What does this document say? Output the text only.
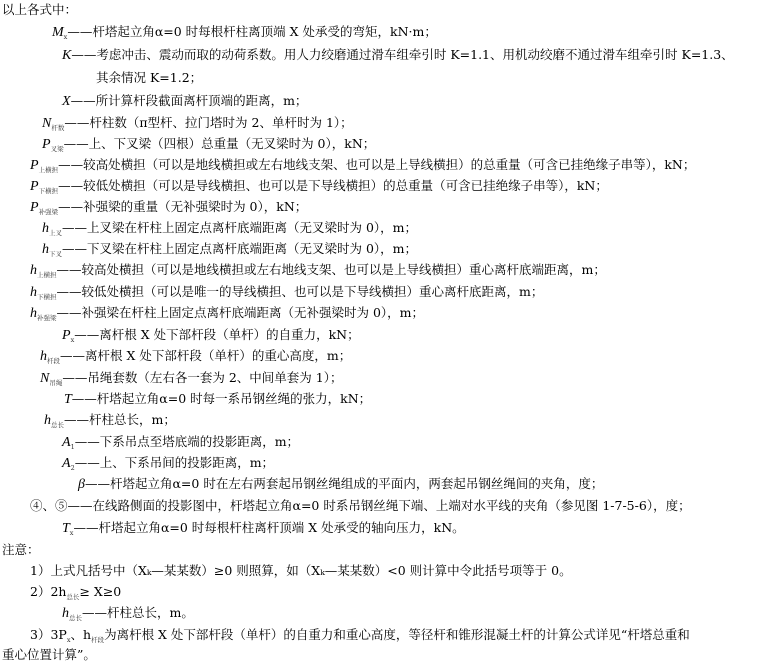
以上各式中：
$M_x——$杆塔起立角α=0 时每根杆柱离顶端 X 处承受的弯矩，kN·m；
K——考虑冲击、震动而取的动荷系数。用人力绞磨通过滑车组牵引时 K=1.1、用机动绞磨不通过滑车组牵引时 K=1.3、
其余情况 K=1.2；
X——所计算杆段截面离杆顶端的距离，m；
$N_{杆数}——$杆柱数（π型杆、拉门塔时为 2、单杆时为 1）；
$P_{叉梁}——$上、下叉梁（四根）总重量（无叉梁时为 0），kN；
$P_{上横担}——$较高处横担（可以是地线横担或左右地线支架、也可以是上导线横担）的总重量（可含已挂绝缘子串等），kN；
$P_{下横担}——$较低处横担（可以是导线横担、也可以是下导线横担）的总重量（可含已挂绝缘子串等），kN；
$P_{补强梁}——$补强梁的重量（无补强梁时为 0），kN；
$h_{上叉}——$上叉梁在杆柱上固定点离杆底端距离（无叉梁时为 0），m；
$h_{下叉}——$下叉梁在杆柱上固定点离杆底端距离（无叉梁时为 0），m；
$h_{上横担}——$较高处横担（可以是地线横担或左右地线支架、也可以是上导线横担）重心离杆底端距离，m；
$h_{下横担}——$较低处横担（可以是唯一的导线横担、也可以是下导线横担）重心离杆底距离，m；
$h_{补强梁}——$补强梁在杆柱上固定点离杆底端距离（无补强梁时为 0），m；
$P_x——$离杆根 X 处下部杆段（单杆）的自重力，kN；
$h_{杆段}——$离杆根 X 处下部杆段（单杆）的重心高度，m；
$N_{吊绳}——$吊绳套数（左右各一套为 2、中间单套为 1）；
T——杆塔起立角α=0 时每一系吊钢丝绳的张力，kN；
$h_{总长}——$杆柱总长，m；
$A_1——$下系吊点至塔底端的投影距离，m；
$A_2——$上、下系吊间的投影距离，m；
β——杆塔起立角α=0 时在左右两套起吊钢丝绳组成的平面内，两套起吊钢丝绳间的夹角，度；
④、⑤——在线路侧面的投影图中，杆塔起立角α=0 时系吊钢丝绳下端、上端对水平线的夹角（参见图 1-7-5-6），度；
$T_x——$杆塔起立角α=0 时每根杆柱离杆顶端 X 处承受的轴向压力，kN。
注意：
1）上式凡括号中（Xₖ—某某数）≥0 则照算，如（Xₖ—某某数）<0 则计算中令此括号项等于 0。
$2)2h_{总长}\ge X\ge 0$
$h_{总长}——$杆柱总长，m。
$3)3P_x$、$h_{杆段}$为离杆根 X 处下部杆段（单杆）的自重力和重心高度，等径杆和锥形混凝土杆的计算公式详见“杆塔总重和
重心位置计算”。
